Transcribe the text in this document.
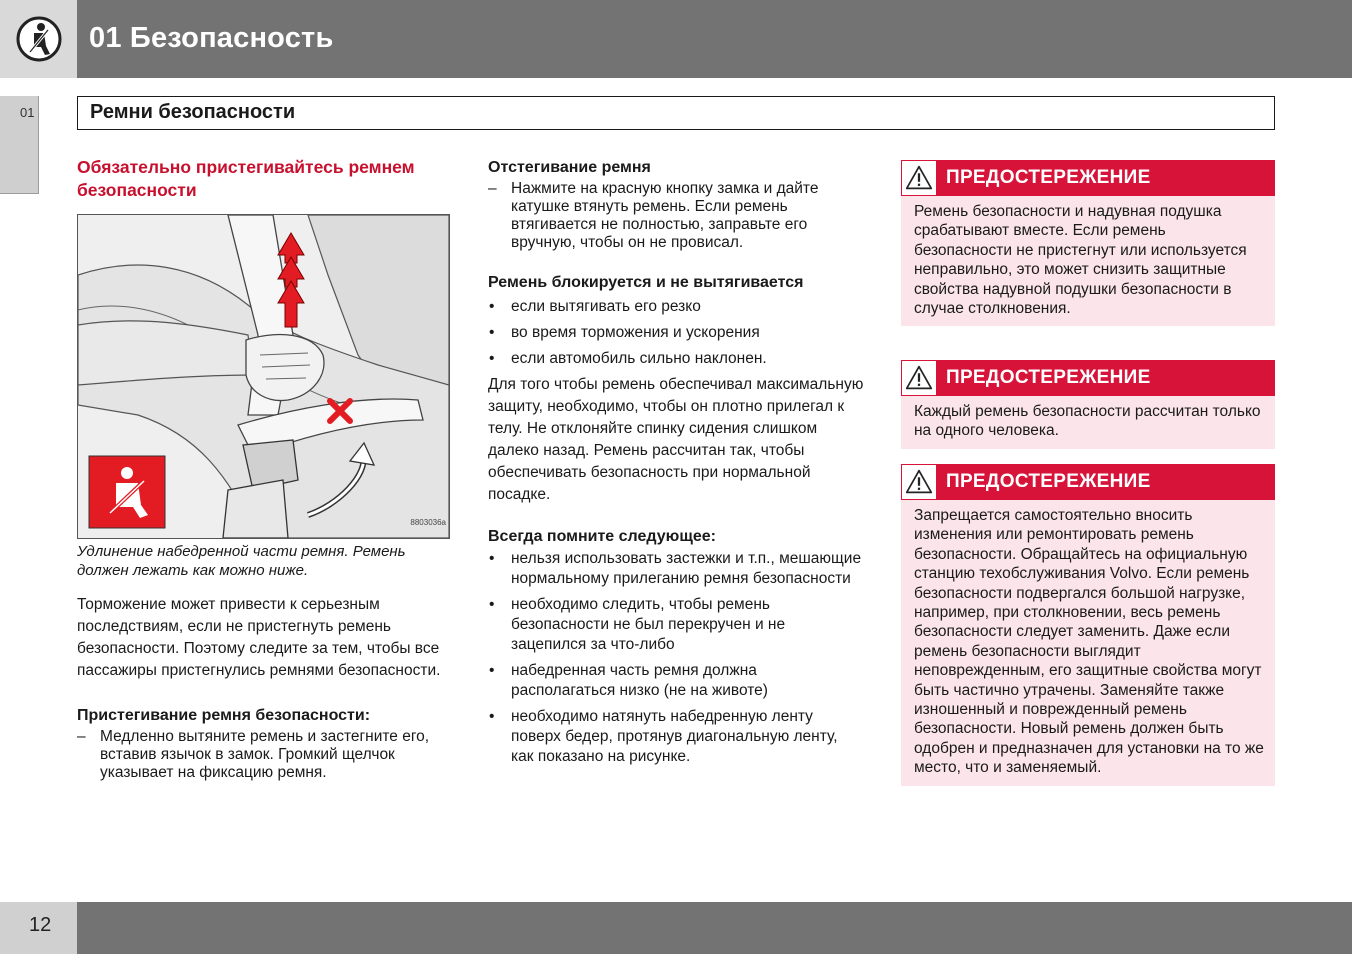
01 Безопасность
01	Ремни безопасности

Обязательно пристегивайтесь ремнем безопасности

8803036a

Удлинение набедренной части ремня. Ремень должен лежать как можно ниже.

Торможение может привести к серьезным последствиям, если не пристегнуть ремень безопасности. Поэтому следите за тем, чтобы все пассажиры пристегнулись ремнями безопасности.

Пристегивание ремня безопасности:

– Медленно вытяните ремень и застегните его, вставив язычок в замок. Громкий щелчок указывает на фиксацию ремня.

Отстегивание ремня

– Нажмите на красную кнопку замка и дайте катушке втянуть ремень. Если ремень втягивается не полностью, заправьте его вручную, чтобы он не провисал.

Ремень блокируется и не вытягивается

• если вытягивать его резко
• во время торможения и ускорения
• если автомобиль сильно наклонен.

Для того чтобы ремень обеспечивал максимальную защиту, необходимо, чтобы он плотно прилегал к телу. Не отклоняйте спинку сидения слишком далеко назад. Ремень рассчитан так, чтобы обеспечивать безопасность при нормальной посадке.

Всегда помните следующее:

• нельзя использовать застежки и т.п., мешающие нормальному прилеганию ремня безопасности
• необходимо следить, чтобы ремень безопасности не был перекручен и не зацепился за что-либо
• набедренная часть ремня должна располагаться низко (не на животе)
• необходимо натянуть набедренную ленту поверх бедер, протянув диагональную ленту, как показано на рисунке.
ПРЕДОСТЕРЕЖЕНИЕ
Ремень безопасности и надувная подушка срабатывают вместе. Если ремень безопасности не пристегнут или используется неправильно, это может снизить защитные свойства надувной подушки безопасности в случае столкновения.
ПРЕДОСТЕРЕЖЕНИЕ
Каждый ремень безопасности рассчитан только на одного человека.
ПРЕДОСТЕРЕЖЕНИЕ
Запрещается самостоятельно вносить изменения или ремонтировать ремень безопасности. Обращайтесь на официальную станцию техобслуживания Volvo. Если ремень безопасности подвергался большой нагрузке, например, при столкновении, весь ремень безопасности следует заменить. Даже если ремень безопасности выглядит неповрежденным, его защитные свойства могут быть частично утрачены. Заменяйте также изношенный и поврежденный ремень безопасности. Новый ремень должен быть одобрен и предназначен для установки на то же место, что и заменяемый.
12
